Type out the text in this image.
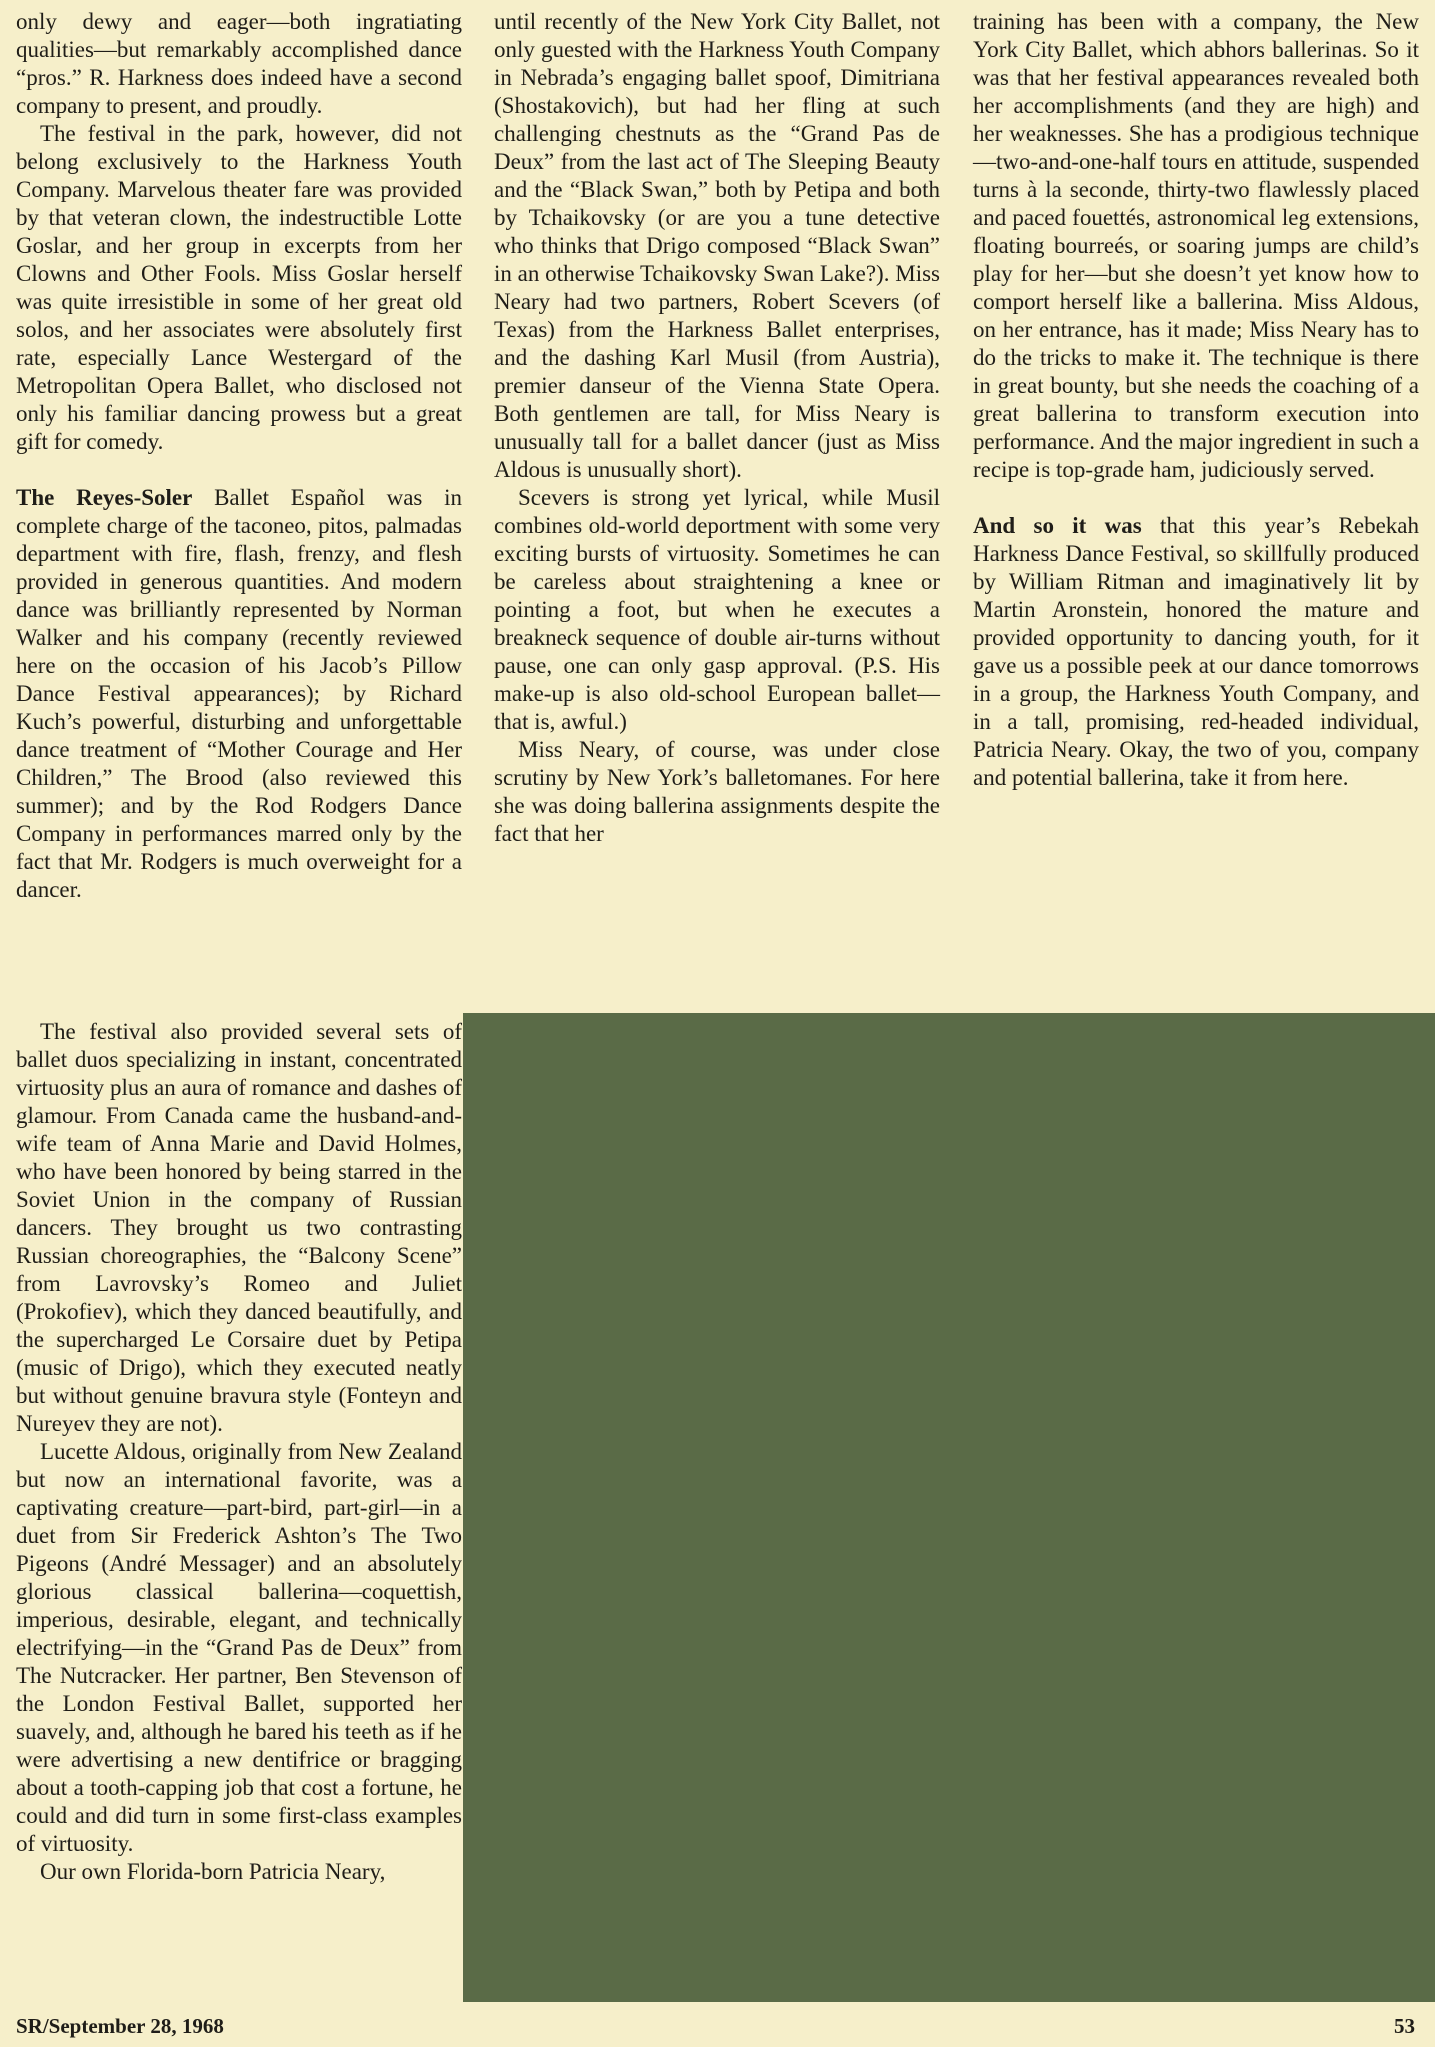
only dewy and eager—both ingratiating qualities—but remarkably accomplished dance “pros.” R. Harkness does indeed have a second company to present, and proudly.

The festival in the park, however, did not belong exclusively to the Harkness Youth Company. Marvelous theater fare was provided by that veteran clown, the indestructible Lotte Goslar, and her group in excerpts from her Clowns and Other Fools. Miss Goslar herself was quite irresistible in some of her great old solos, and her associates were absolutely first rate, especially Lance Westergard of the Metropolitan Opera Ballet, who disclosed not only his familiar dancing prowess but a great gift for comedy.

The Reyes-Soler Ballet Español was in complete charge of the taconeo, pitos, palmadas department with fire, flash, frenzy, and flesh provided in generous quantities. And modern dance was brilliantly represented by Norman Walker and his company (recently reviewed here on the occasion of his Jacob’s Pillow Dance Festival appearances); by Richard Kuch’s powerful, disturbing and unforgettable dance treatment of “Mother Courage and Her Children,” The Brood (also reviewed this summer); and by the Rod Rodgers Dance Company in performances marred only by the fact that Mr. Rodgers is much overweight for a dancer.

The festival also provided several sets of ballet duos specializing in instant, concentrated virtuosity plus an aura of romance and dashes of glamour. From Canada came the husband-and-wife team of Anna Marie and David Holmes, who have been honored by being starred in the Soviet Union in the company of Russian dancers. They brought us two contrasting Russian choreographies, the “Balcony Scene” from Lavrovsky’s Romeo and Juliet (Prokofiev), which they danced beautifully, and the supercharged Le Corsaire duet by Petipa (music of Drigo), which they executed neatly but without genuine bravura style (Fonteyn and Nureyev they are not).

Lucette Aldous, originally from New Zealand but now an international favorite, was a captivating creature—part-bird, part-girl—in a duet from Sir Frederick Ashton’s The Two Pigeons (André Messager) and an absolutely glorious classical ballerina—coquettish, imperious, desirable, elegant, and technically electrifying—in the “Grand Pas de Deux” from The Nutcracker. Her partner, Ben Stevenson of the London Festival Ballet, supported her suavely, and, although he bared his teeth as if he were advertising a new dentifrice or bragging about a tooth-capping job that cost a fortune, he could and did turn in some first-class examples of virtuosity.

Our own Florida-born Patricia Neary,

until recently of the New York City Ballet, not only guested with the Harkness Youth Company in Nebrada’s engaging ballet spoof, Dimitriana (Shostakovich), but had her fling at such challenging chestnuts as the “Grand Pas de Deux” from the last act of The Sleeping Beauty and the “Black Swan,” both by Petipa and both by Tchaikovsky (or are you a tune detective who thinks that Drigo composed “Black Swan” in an otherwise Tchaikovsky Swan Lake?). Miss Neary had two partners, Robert Scevers (of Texas) from the Harkness Ballet enterprises, and the dashing Karl Musil (from Austria), premier danseur of the Vienna State Opera. Both gentlemen are tall, for Miss Neary is unusually tall for a ballet dancer (just as Miss Aldous is unusually short).

Scevers is strong yet lyrical, while Musil combines old-world deportment with some very exciting bursts of virtuosity. Sometimes he can be careless about straightening a knee or pointing a foot, but when he executes a breakneck sequence of double air-turns without pause, one can only gasp approval. (P.S. His make-up is also old-school European ballet—that is, awful.)

Miss Neary, of course, was under close scrutiny by New York’s balletomanes. For here she was doing ballerina assignments despite the fact that her

training has been with a company, the New York City Ballet, which abhors ballerinas. So it was that her festival appearances revealed both her accomplishments (and they are high) and her weaknesses. She has a prodigious technique—two-and-one-half tours en attitude, suspended turns à la seconde, thirty-two flawlessly placed and paced fouettés, astronomical leg extensions, floating bourreés, or soaring jumps are child’s play for her—but she doesn’t yet know how to comport herself like a ballerina. Miss Aldous, on her entrance, has it made; Miss Neary has to do the tricks to make it. The technique is there in great bounty, but she needs the coaching of a great ballerina to transform execution into performance. And the major ingredient in such a recipe is top-grade ham, judiciously served.

And so it was that this year’s Rebekah Harkness Dance Festival, so skillfully produced by William Ritman and imaginatively lit by Martin Aronstein, honored the mature and provided opportunity to dancing youth, for it gave us a possible peek at our dance tomorrows in a group, the Harkness Youth Company, and in a tall, promising, red-headed individual, Patricia Neary. Okay, the two of you, company and potential ballerina, take it from here.

SR/September 28, 1968	53
